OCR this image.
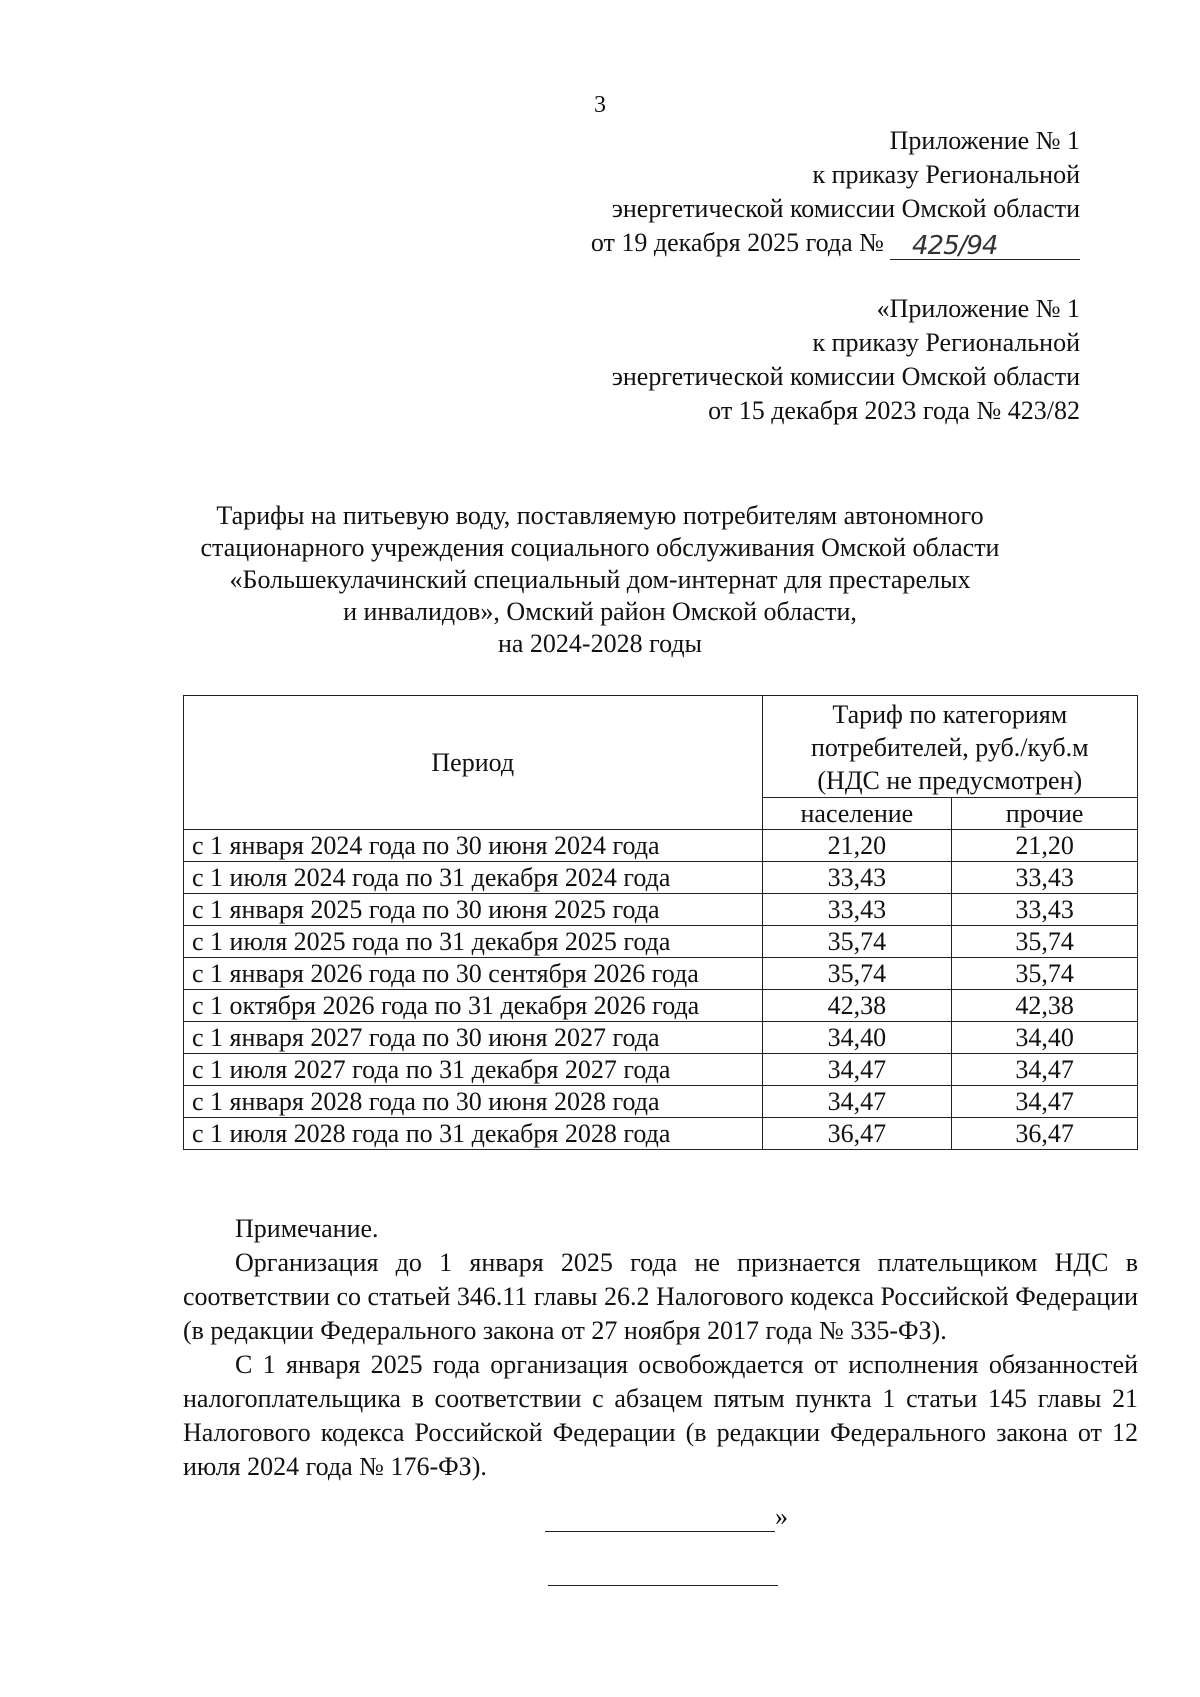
3
Приложение № 1
к приказу Региональной
энергетической комиссии Омской области
от 19 декабря 2025 года № 425/94
«Приложение № 1
к приказу Региональной
энергетической комиссии Омской области
от 15 декабря 2023 года № 423/82
Тарифы на питьевую воду, поставляемую потребителям автономного
стационарного учреждения социального обслуживания Омской области
«Большекулачинский специальный дом-интернат для престарелых
и инвалидов», Омский район Омской области,
на 2024-2028 годы
Период	Тариф по категориям
потребителей, руб./куб.м
(НДС не предусмотрен)	

	население	прочие
с 1 января 2024 года по 30 июня 2024 года	21,20	21,20
с 1 июля 2024 года по 31 декабря 2024 года	33,43	33,43
с 1 января 2025 года по 30 июня 2025 года	33,43	33,43
с 1 июля 2025 года по 31 декабря 2025 года	35,74	35,74
с 1 января 2026 года по 30 сентября 2026 года	35,74	35,74
с 1 октября 2026 года по 31 декабря 2026 года	42,38	42,38
с 1 января 2027 года по 30 июня 2027 года	34,40	34,40
с 1 июля 2027 года по 31 декабря 2027 года	34,47	34,47
с 1 января 2028 года по 30 июня 2028 года	34,47	34,47
с 1 июля 2028 года по 31 декабря 2028 года	36,47	36,47

Примечание.

Организация до 1 января 2025 года не признается плательщиком НДС в соответствии со статьей 346.11 главы 26.2 Налогового кодекса Российской Федерации (в редакции Федерального закона от 27 ноября 2017 года № 335-ФЗ).

С 1 января 2025 года организация освобождается от исполнения обязанностей налогоплательщика в соответствии с абзацем пятым пункта 1 статьи 145 главы 21 Налогового кодекса Российской Федерации (в редакции Федерального закона от 12 июля 2024 года № 176-ФЗ).

»
